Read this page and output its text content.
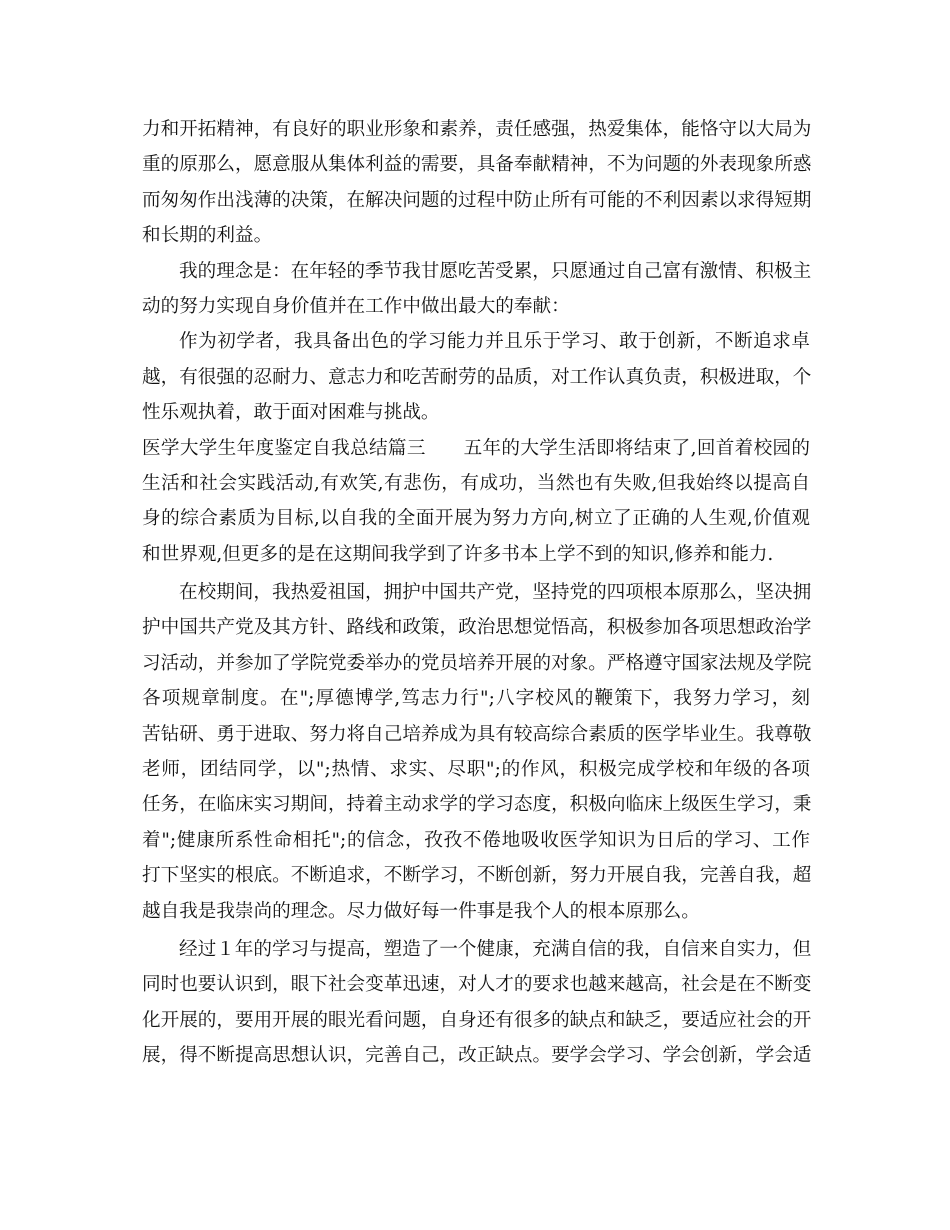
力和开拓精神，有良好的职业形象和素养，责任感强，热爱集体，能恪守以大局为
重的原那么，愿意服从集体利益的需要，具备奉献精神，不为问题的外表现象所惑
而匆匆作出浅薄的决策，在解决问题的过程中防止所有可能的不利因素以求得短期
和长期的利益。
我的理念是：在年轻的季节我甘愿吃苦受累，只愿通过自己富有激情、积极主
动的努力实现自身价值并在工作中做出最大的奉献：
作为初学者，我具备出色的学习能力并且乐于学习、敢于创新，不断追求卓
越，有很强的忍耐力、意志力和吃苦耐劳的品质，对工作认真负责，积极进取，个
性乐观执着，敢于面对困难与挑战。
医学大学生年度鉴定自我总结篇三　　五年的大学生活即将结束了,回首着校园的
生活和社会实践活动,有欢笑,有悲伤，有成功，当然也有失败,但我始终以提高自
身的综合素质为目标,以自我的全面开展为努力方向,树立了正确的人生观,价值观
和世界观,但更多的是在这期间我学到了许多书本上学不到的知识,修养和能力.
在校期间，我热爱祖国，拥护中国共产党，坚持党的四项根本原那么，坚决拥
护中国共产党及其方针、路线和政策，政治思想觉悟高，积极参加各项思想政治学
习活动，并参加了学院党委举办的党员培养开展的对象。严格遵守国家法规及学院
各项规章制度。在";厚德博学,笃志力行";八字校风的鞭策下，我努力学习，刻
苦钻研、勇于进取、努力将自己培养成为具有较高综合素质的医学毕业生。我尊敬
老师，团结同学，以";热情、求实、尽职";的作风，积极完成学校和年级的各项
任务，在临床实习期间，持着主动求学的学习态度，积极向临床上级医生学习，秉
着";健康所系性命相托";的信念，孜孜不倦地吸收医学知识为日后的学习、工作
打下坚实的根底。不断追求，不断学习，不断创新，努力开展自我，完善自我，超
越自我是我崇尚的理念。尽力做好每一件事是我个人的根本原那么。
经过１年的学习与提高，塑造了一个健康，充满自信的我，自信来自实力，但
同时也要认识到，眼下社会变革迅速，对人才的要求也越来越高，社会是在不断变
化开展的，要用开展的眼光看问题，自身还有很多的缺点和缺乏，要适应社会的开
展，得不断提高思想认识，完善自己，改正缺点。要学会学习、学会创新，学会适
